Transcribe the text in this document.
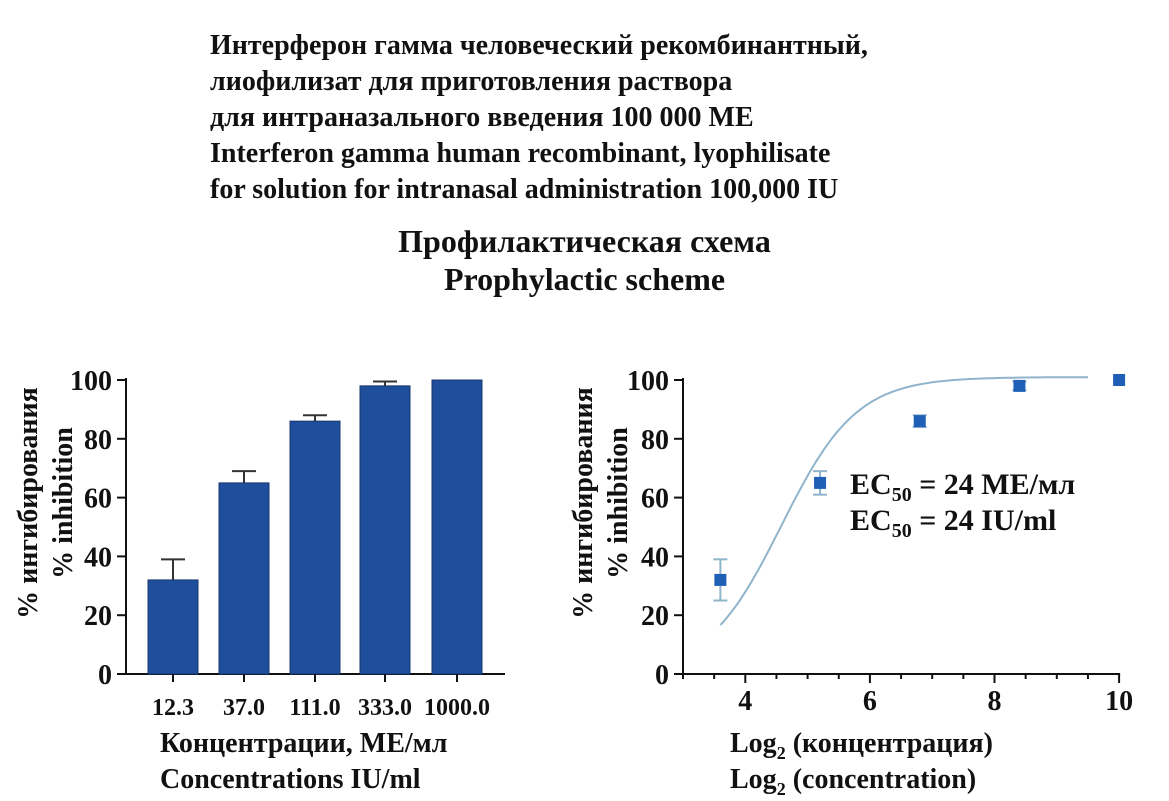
Интерферон гамма человеческий рекомбинантный,
лиофилизат для приготовления раствора
для интраназального введения 100 000 МЕ
Interferon gamma human recombinant, lyophilisate
for solution for intranasal administration 100,000 IU
Профилактическая схема
Prophylactic scheme
% ингибирования % inhibition
Концентрации, МЕ/мл
Concentrations IU/ml
0
20
40
60
80
100
12.3 37.0 111.0 333.0 1000.0
% ингибирования % inhibition
Log$_2$ (концентрация)
Log$_2$ (concentration)
$EC_{50} = 24$ МЕ/мл
$EC_{50} = 24$ IU/ml
0
20
40
60
80
100
4	6	8	10
